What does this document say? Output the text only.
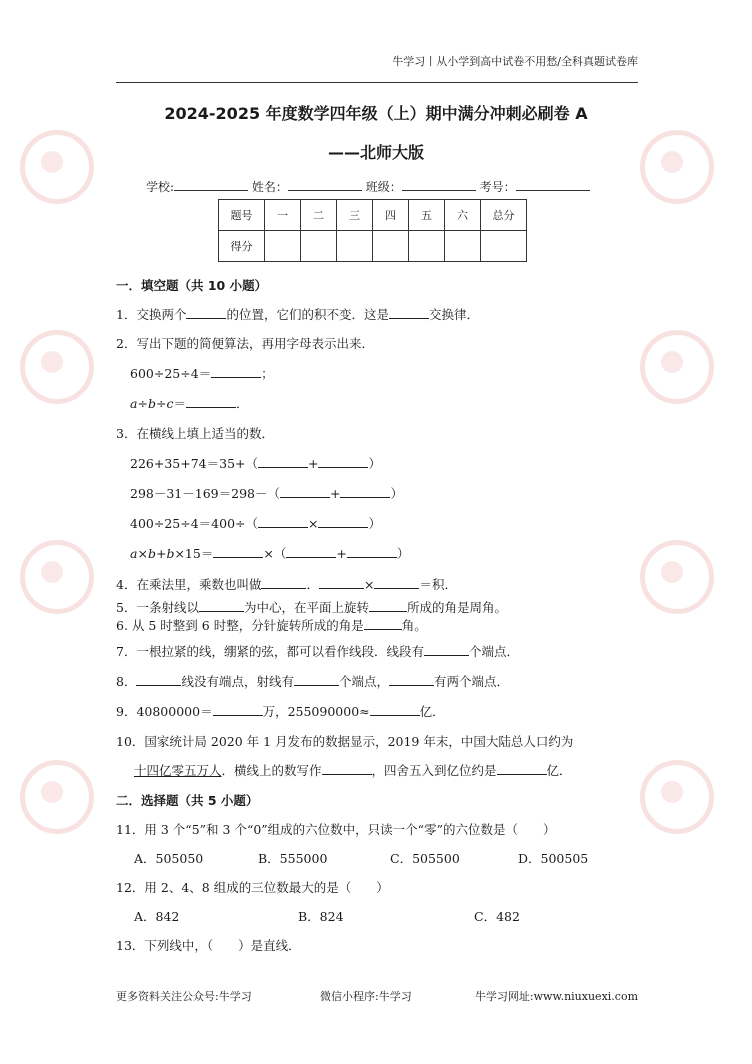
牛学习丨从小学到高中试卷不用愁/全科真题试卷库
2024-2025 年度数学四年级（上）期中满分冲刺必刷卷 A
——北师大版
学校:	姓名：	班级：	考号：
题号	一	二	三	四	五	六	总分
得分							
一．填空题（共 10 小题）
1．交换两个	的位置，它们的积不变．这是	交换律．
2．写出下题的简便算法，再用字母表示出来．
600÷25÷4＝	；
a÷b÷c＝	．
3．在横线上填上适当的数．
226+35+74＝35+（	+	）
298－31－169＝298－（	+	）
400÷25÷4＝400÷（	×	）
a×b+b×15＝	×（	+	）
4．在乘法里，乘数也叫做	．	×	＝积．
5．一条射线以	为中心，在平面上旋转	所成的角是周角。
6. 从 5 时整到 6 时整，分针旋转所成的角是	角。
7．一根拉紧的线，绷紧的弦，都可以看作线段．线段有	个端点．
8．	线没有端点，射线有	个端点，	有两个端点．
9．40800000＝	万，255090000≈	亿．
10．国家统计局 2020 年 1 月发布的数据显示，2019 年末，中国大陆总人口约为
十四亿零五万人．横线上的数写作	，四舍五入到亿位约是	亿．
二．选择题（共 5 小题）
11．用 3 个“5”和 3 个“0”组成的六位数中，只读一个“零”的六位数是（　　）
A．505050	B．555000	C．505500	D．500505
12．用 2、4、8 组成的三位数最大的是（　　）
A．842	B．824	C．482
13．下列线中，（　　）是直线．
更多资料关注公众号:牛学习	微信小程序:牛学习	牛学习网址:www.niuxuexi.com
